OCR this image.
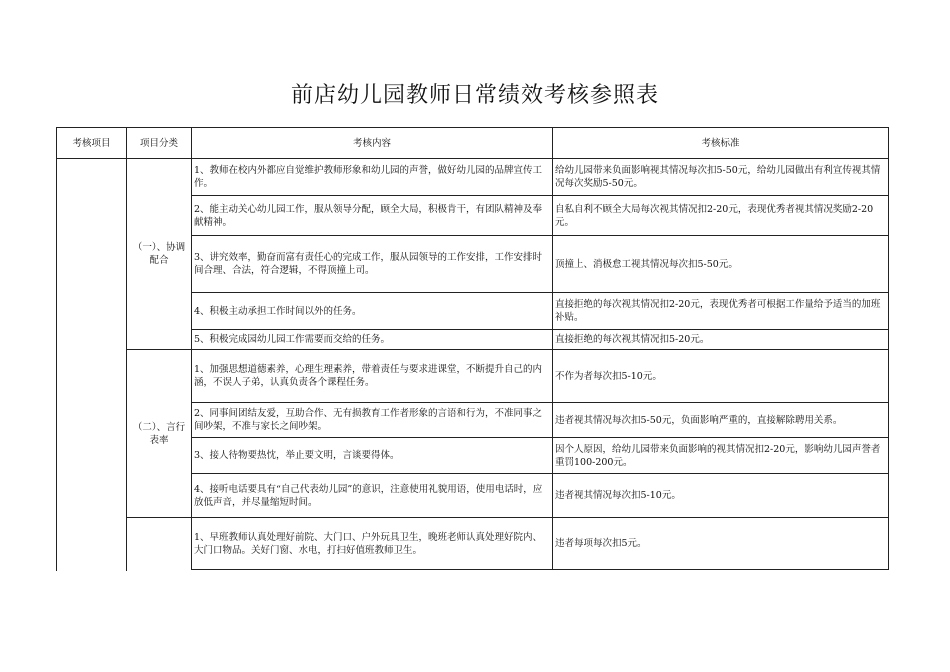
前店幼儿园教师日常绩效考核参照表
考核项目	项目分类	考核内容	考核标准
	（一）、协调配合	1、教师在校内外都应自觉维护教师形象和幼儿园的声誉，做好幼儿园的品牌宣传工作。	给幼儿园带来负面影响视其情况每次扣5-50元，给幼儿园做出有利宣传视其情况每次奖励5-50元。
		2、能主动关心幼儿园工作，服从领导分配，顾全大局，积极肯干，有团队精神及奉献精神。	自私自利不顾全大局每次视其情况扣2-20元，表现优秀者视其情况奖励2-20元。
		3、讲究效率，勤奋而富有责任心的完成工作，服从园领导的工作安排，工作安排时间合理、合法，符合逻辑，不得顶撞上司。	顶撞上、消极怠工视其情况每次扣5-50元。
		4、积极主动承担工作时间以外的任务。	直接拒绝的每次视其情况扣2-20元，表现优秀者可根据工作量给予适当的加班补贴。
		5、积极完成园幼儿园工作需要而交给的任务。	直接拒绝的每次视其情况扣5-20元。
	（二）、言行表率	1、加强思想道德素养，心理生理素养，带着责任与要求进课堂，不断提升自己的内涵，不误人子弟，认真负责各个课程任务。	不作为者每次扣5-10元。
		2、同事间团结友爱，互助合作、无有损教育工作者形象的言语和行为，不准同事之间吵架，不准与家长之间吵架。	违者视其情况每次扣5-50元，负面影响严重的，直接解除聘用关系。
		3、接人待物要热忱，举止要文明，言谈要得体。	因个人原因，给幼儿园带来负面影响的视其情况扣2-20元，影响幼儿园声誉者重罚100-200元。
		4、接听电话要具有“自己代表幼儿园”的意识，注意使用礼貌用语，使用电话时，应放低声音，并尽量缩短时间。	违者视其情况每次扣5-10元。
		1、早班教师认真处理好前院、大门口、户外玩具卫生，晚班老师认真处理好院内、大门口物品。关好门窗、水电，打扫好值班教师卫生。	违者每项每次扣5元。
